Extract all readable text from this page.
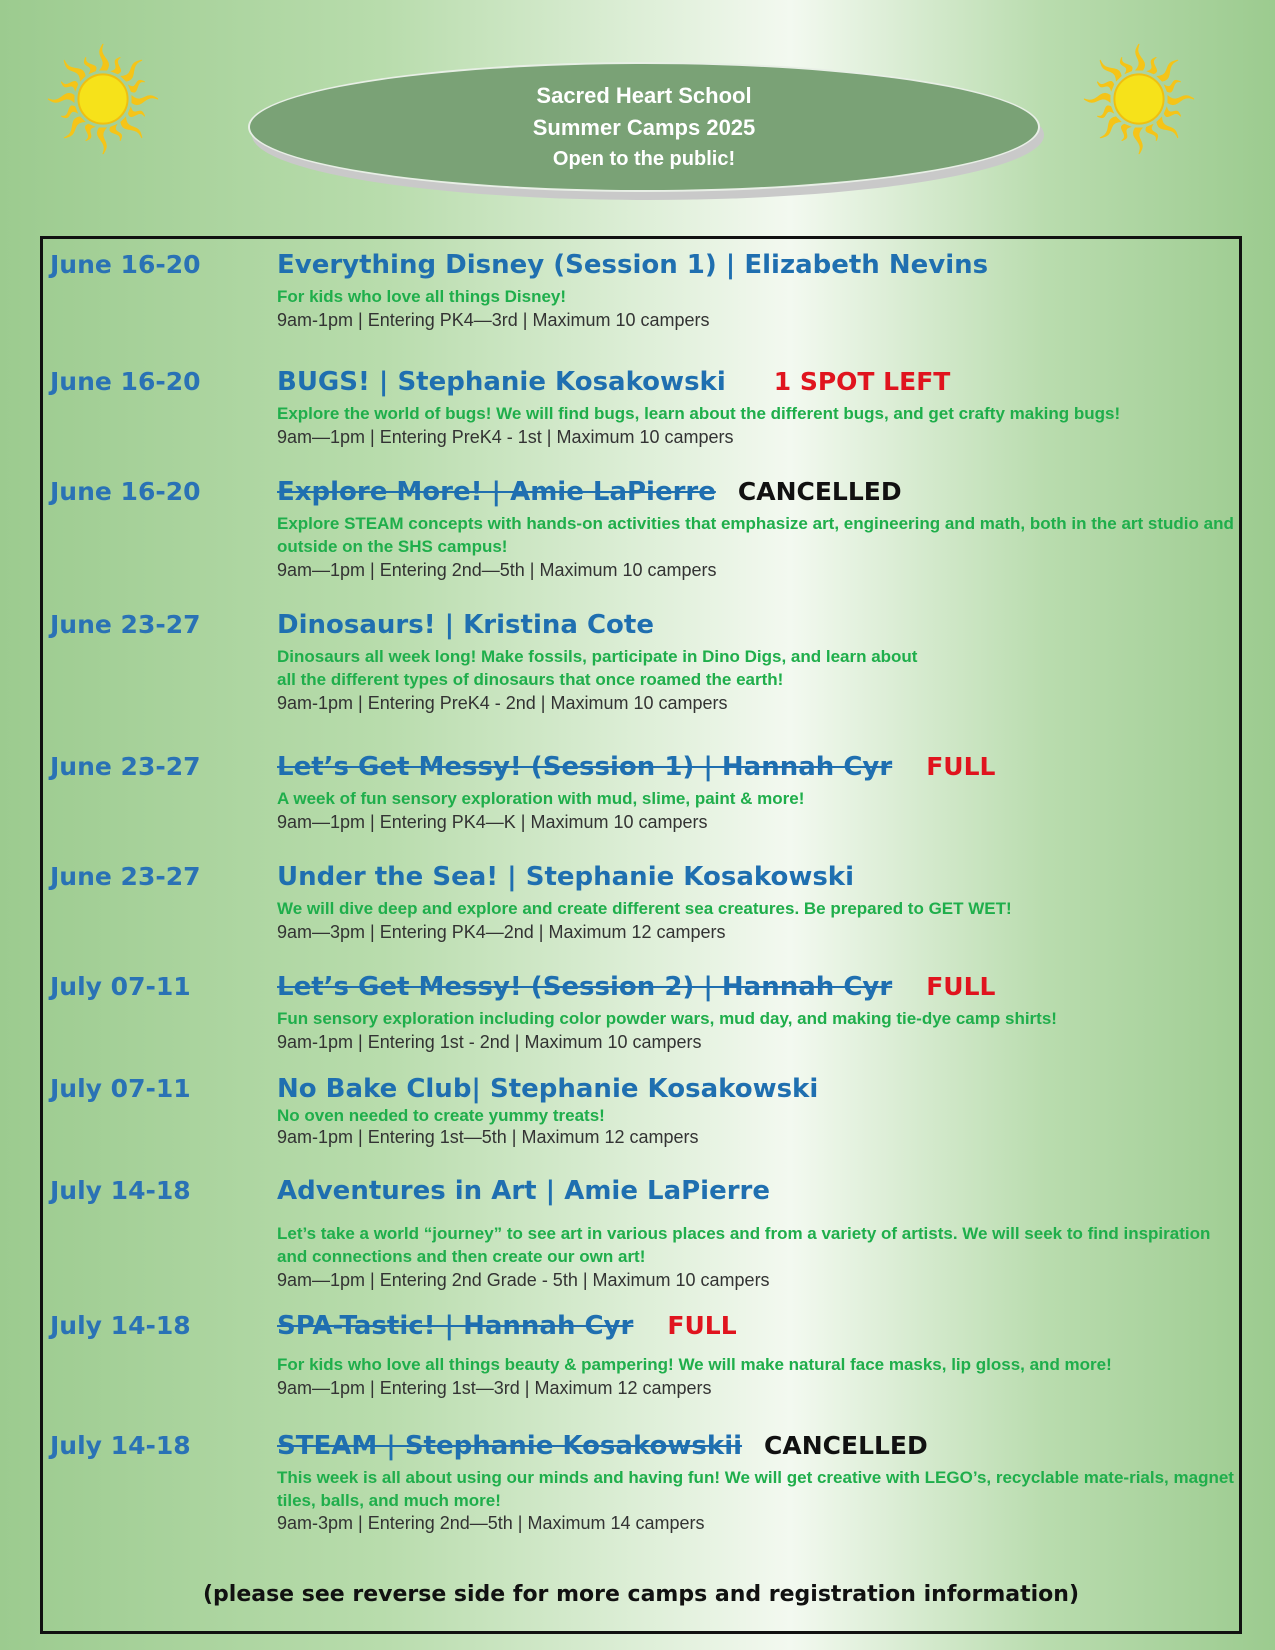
Sacred Heart School
Summer Camps 2025
Open to the public!
June 16-20	Everything Disney (Session 1) | Elizabeth Nevins
For kids who love all things Disney!
9am-1pm | Entering PK4—3rd | Maximum 10 campers
June 16-20	BUGS! | Stephanie Kosakowski 1 SPOT LEFT
Explore the world of bugs! We will find bugs, learn about the different bugs, and get crafty making bugs!
9am—1pm | Entering PreK4 - 1st | Maximum 10 campers
June 16-20	Explore More! | Amie LaPierre CANCELLED
Explore STEAM concepts with hands-on activities that emphasize art, engineering and math, both in the art studio and outside on the SHS campus!
9am—1pm | Entering 2nd—5th | Maximum 10 campers
June 23-27	Dinosaurs! | Kristina Cote
Dinosaurs all week long! Make fossils, participate in Dino Digs, and learn about
all the different types of dinosaurs that once roamed the earth!
9am-1pm | Entering PreK4 - 2nd | Maximum 10 campers
June 23-27	Let’s Get Messy! (Session 1) | Hannah Cyr FULL
A week of fun sensory exploration with mud, slime, paint & more!
9am—1pm | Entering PK4—K | Maximum 10 campers
June 23-27	Under the Sea! | Stephanie Kosakowski
We will dive deep and explore and create different sea creatures. Be prepared to GET WET!
9am—3pm | Entering PK4—2nd | Maximum 12 campers
July 07-11	Let’s Get Messy! (Session 2) | Hannah Cyr FULL
Fun sensory exploration including color powder wars, mud day, and making tie-dye camp shirts!
9am-1pm | Entering 1st - 2nd | Maximum 10 campers
July 07-11	No Bake Club| Stephanie Kosakowski
No oven needed to create yummy treats!
9am-1pm | Entering 1st—5th | Maximum 12 campers
July 14-18	Adventures in Art | Amie LaPierre
Let’s take a world “journey” to see art in various places and from a variety of artists. We will seek to find inspiration and connections and then create our own art!
9am—1pm | Entering 2nd Grade - 5th | Maximum 10 campers
July 14-18	SPA-Tastic! | Hannah Cyr FULL
For kids who love all things beauty & pampering! We will make natural face masks, lip gloss, and more!
9am—1pm | Entering 1st—3rd | Maximum 12 campers
July 14-18	STEAM | Stephanie Kosakowskii CANCELLED
This week is all about using our minds and having fun! We will get creative with LEGO’s, recyclable mate-rials, magnet tiles, balls, and much more!
9am-3pm | Entering 2nd—5th | Maximum 14 campers
(please see reverse side for more camps and registration information)
